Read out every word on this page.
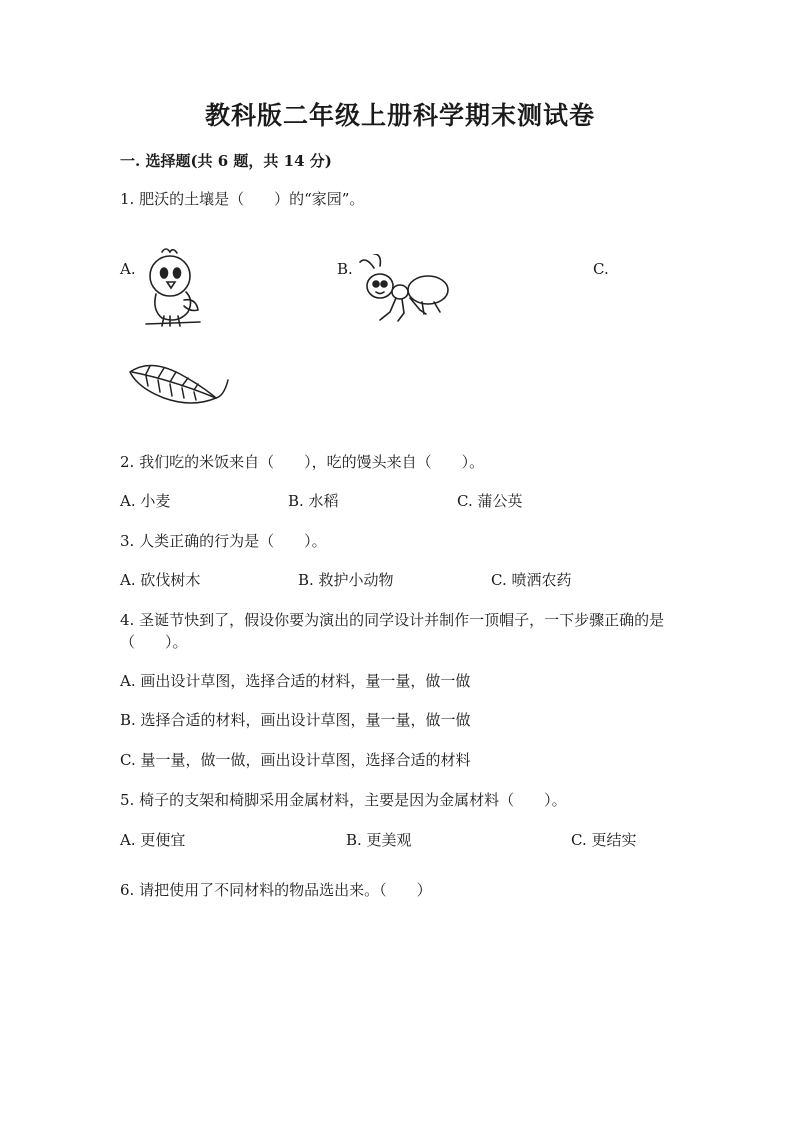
教科版二年级上册科学期末测试卷
一. 选择题(共 6 题，共 14 分)
1. 肥沃的土壤是（　　）的“家园”。
A.	B.	C.
2. 我们吃的米饭来自（　　），吃的馒头来自（　　）。
A. 小麦	B. 水稻	C. 蒲公英
3. 人类正确的行为是（　　）。
A. 砍伐树木	B. 救护小动物	C. 喷洒农药
4. 圣诞节快到了，假设你要为演出的同学设计并制作一顶帽子，一下步骤正确的是（　　）。
A. 画出设计草图，选择合适的材料，量一量，做一做
B. 选择合适的材料，画出设计草图，量一量，做一做
C. 量一量，做一做，画出设计草图，选择合适的材料
5. 椅子的支架和椅脚采用金属材料，主要是因为金属材料（　　）。
A. 更便宜	B. 更美观	C. 更结实
6. 请把使用了不同材料的物品选出来。（　　）
